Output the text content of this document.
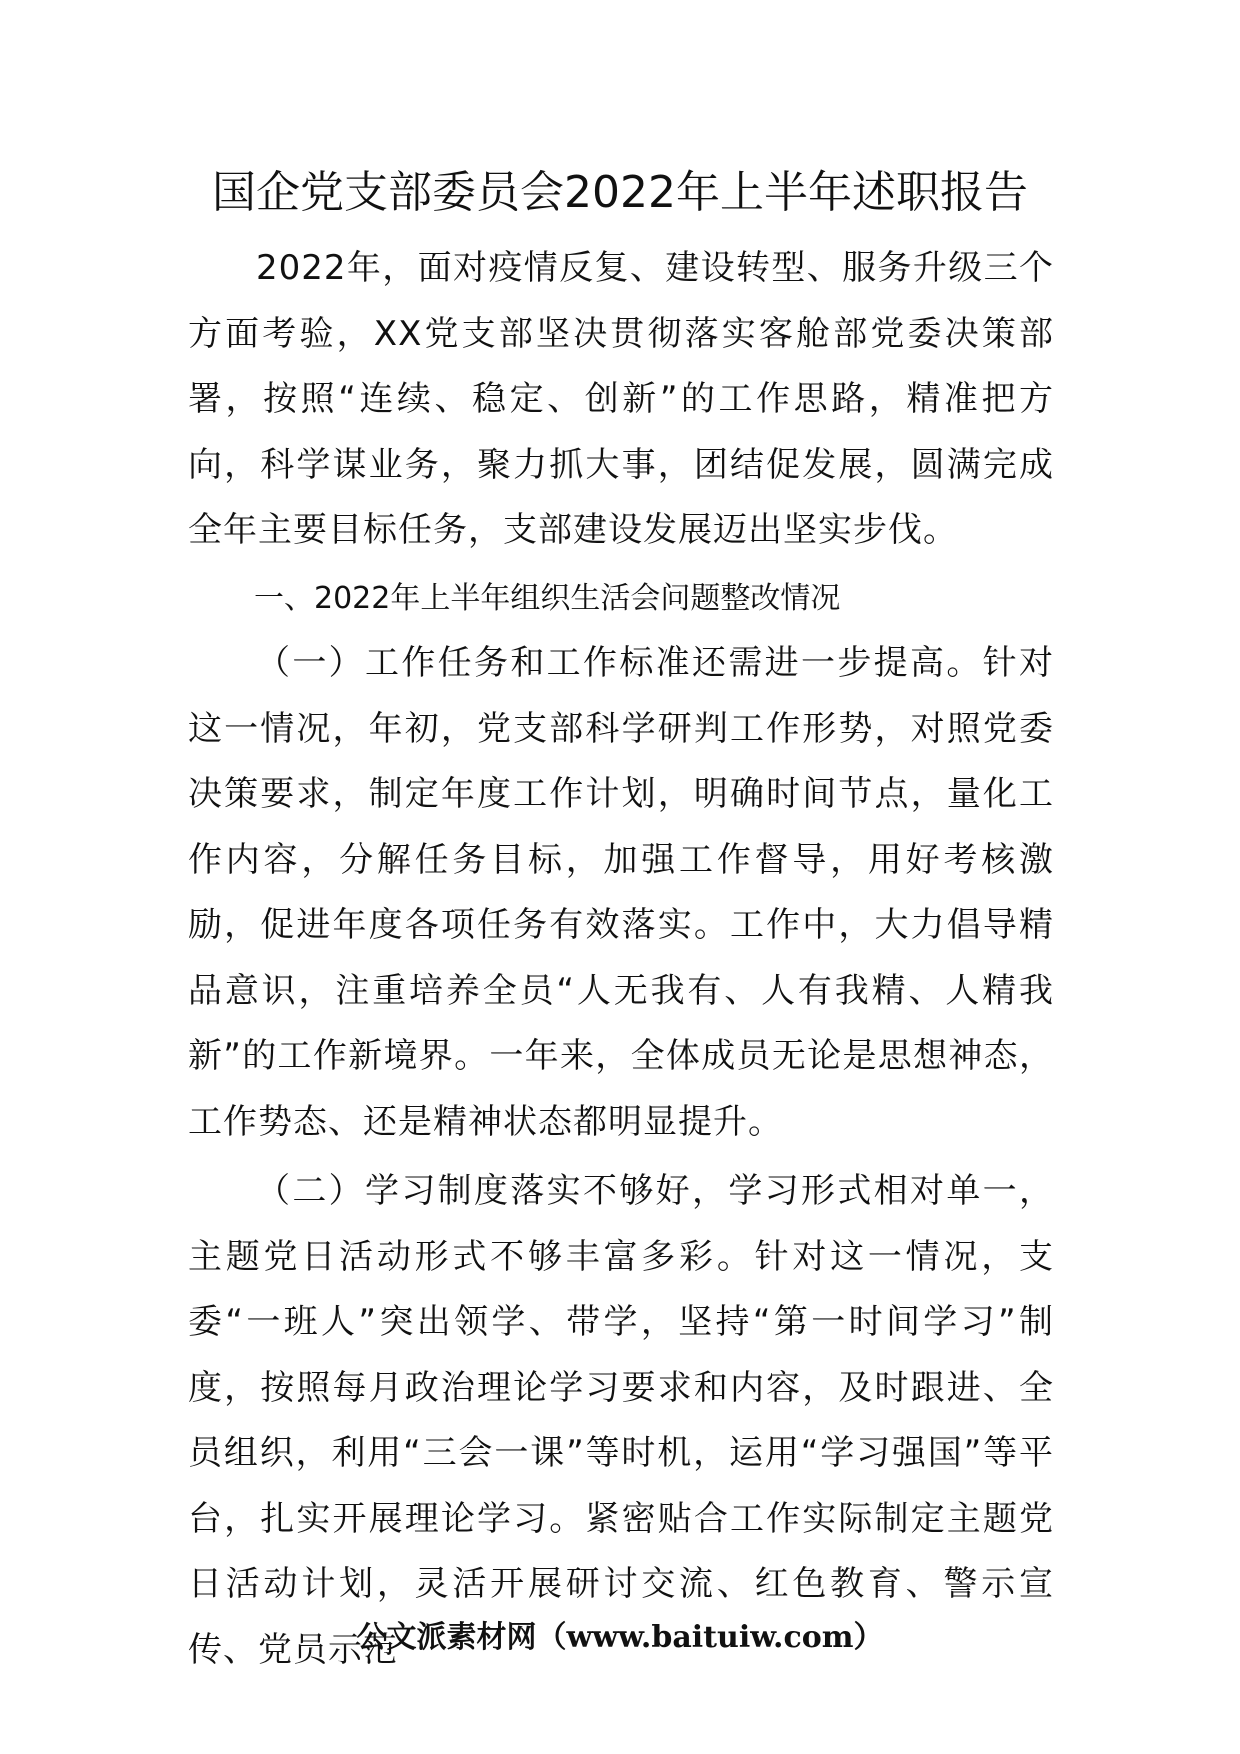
国企党支部委员会2022年上半年述职报告

2022年，面对疫情反复、建设转型、服务升级三个方面考验，XX党支部坚决贯彻落实客舱部党委决策部署，按照“连续、稳定、创新”的工作思路，精准把方向，科学谋业务，聚力抓大事，团结促发展，圆满完成全年主要目标任务，支部建设发展迈出坚实步伐。

一、2022年上半年组织生活会问题整改情况

（一）工作任务和工作标准还需进一步提高。针对这一情况，年初，党支部科学研判工作形势，对照党委决策要求，制定年度工作计划，明确时间节点，量化工作内容，分解任务目标，加强工作督导，用好考核激励，促进年度各项任务有效落实。工作中，大力倡导精品意识，注重培养全员“人无我有、人有我精、人精我新”的工作新境界。一年来，全体成员无论是思想神态，工作势态、还是精神状态都明显提升。

（二）学习制度落实不够好，学习形式相对单一，主题党日活动形式不够丰富多彩。针对这一情况，支委“一班人”突出领学、带学，坚持“第一时间学习”制度，按照每月政治理论学习要求和内容，及时跟进、全员组织，利用“三会一课”等时机，运用“学习强国”等平台，扎实开展理论学习。紧密贴合工作实际制定主题党日活动计划，灵活开展研讨交流、红色教育、警示宣传、党员示范

公文派素材网（www.baituiw.com）
